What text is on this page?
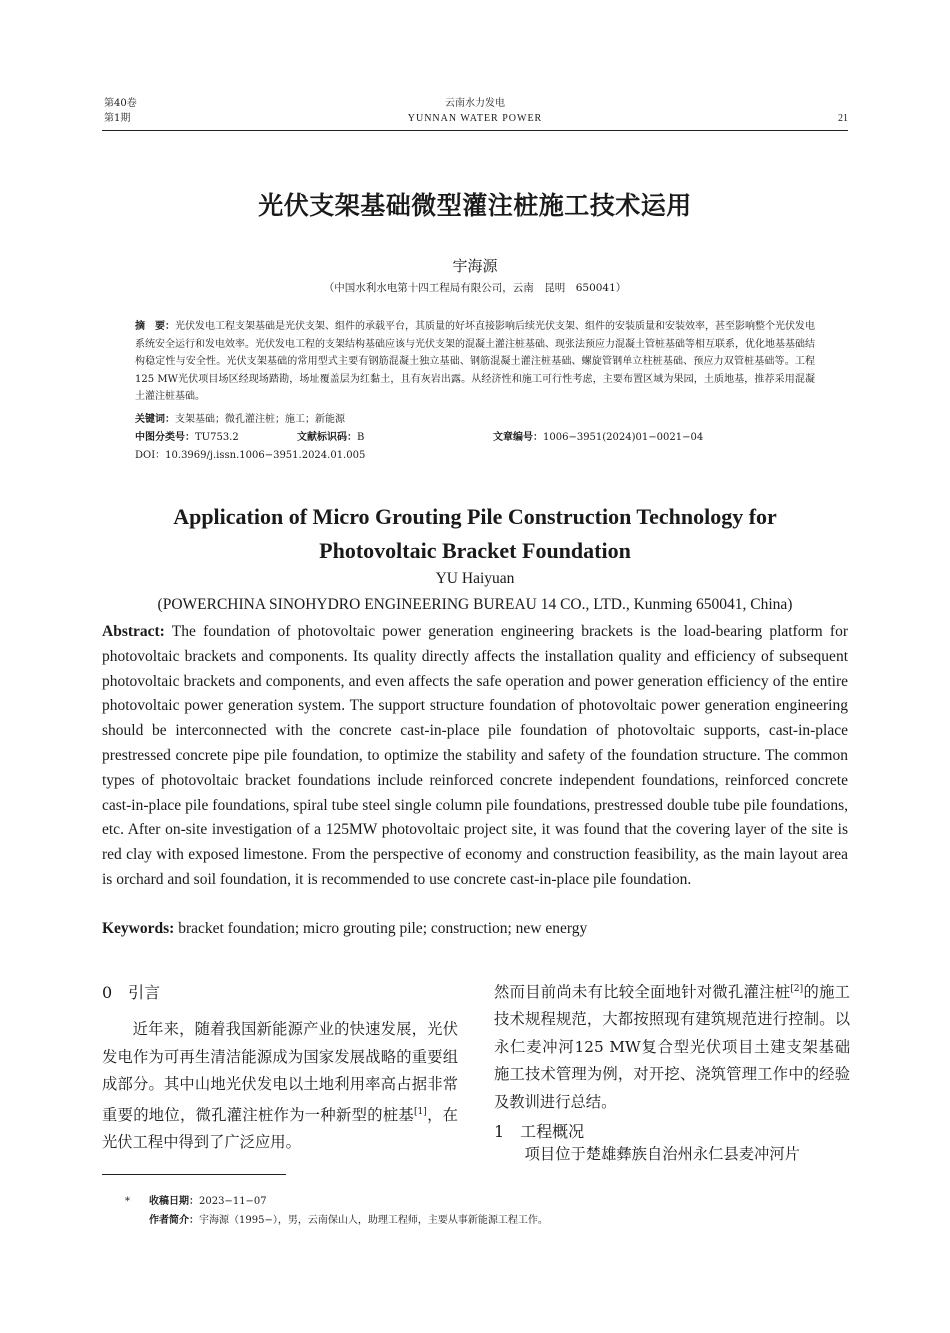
第40卷
第1期
云南水力发电
YUNNAN WATER POWER	21
光伏支架基础微型灌注桩施工技术运用
宇海源
（中国水利水电第十四工程局有限公司，云南　昆明　650041）
摘　要：光伏发电工程支架基础是光伏支架、组件的承载平台，其质量的好坏直接影响后续光伏支架、组件的安装质量和安装效率，甚至影响整个光伏发电系统安全运行和发电效率。光伏发电工程的支架结构基础应该与光伏支架的混凝土灌注桩基础、现张法预应力混凝土管桩基础等相互联系，优化地基基础结构稳定性与安全性。光伏支架基础的常用型式主要有钢筋混凝土独立基础、钢筋混凝土灌注桩基础、螺旋管钢单立柱桩基础、预应力双管桩基础等。工程125 MW光伏项目场区经现场踏勘，场址覆盖层为红黏土，且有灰岩出露。从经济性和施工可行性考虑，主要布置区域为果园，土质地基，推荐采用混凝土灌注桩基础。
关键词：支架基础；微孔灌注桩；施工；新能源
中图分类号：TU753.2	文献标识码：B	文章编号：1006−3951(2024)01−0021−04
DOI：10.3969/j.issn.1006−3951.2024.01.005
Application of Micro Grouting Pile Construction Technology for
Photovoltaic Bracket Foundation
YU Haiyuan
(POWERCHINA SINOHYDRO ENGINEERING BUREAU 14 CO., LTD., Kunming 650041, China)
Abstract: The foundation of photovoltaic power generation engineering brackets is the load-bearing platform for photovoltaic brackets and components. Its quality directly affects the installation quality and efficiency of subsequent photovoltaic brackets and components, and even affects the safe operation and power generation efficiency of the entire photovoltaic power generation system. The support structure foundation of photovoltaic power generation engineering should be interconnected with the concrete cast-in-place pile foundation of photovoltaic supports, cast-in-place prestressed concrete pipe pile foundation, to optimize the stability and safety of the foundation structure. The common types of photovoltaic bracket foundations include reinforced concrete independent foundations, reinforced concrete cast-in-place pile foundations, spiral tube steel single column pile foundations, prestressed double tube pile foundations, etc. After on-site investigation of a 125MW photovoltaic project site, it was found that the covering layer of the site is red clay with exposed limestone. From the perspective of economy and construction feasibility, as the main layout area is orchard and soil foundation, it is recommended to use concrete cast-in-place pile foundation.
Keywords: bracket foundation; micro grouting pile; construction; new energy
0　引言

近年来，随着我国新能源产业的快速发展，光伏发电作为可再生清洁能源成为国家发展战略的重要组成部分。其中山地光伏发电以土地利用率高占据非常重要的地位，微孔灌注桩作为一种新型的桩基[1]，在光伏工程中得到了广泛应用。

然而目前尚未有比较全面地针对微孔灌注桩[2]的施工技术规程规范，大都按照现有建筑规范进行控制。以永仁麦冲河125 MW复合型光伏项目土建支架基础施工技术管理为例，对开挖、浇筑管理工作中的经验及教训进行总结。

1　工程概况

项目位于楚雄彝族自治州永仁县麦冲河片

* 收稿日期：2023−11−07
作者简介：宇海源（1995−），男，云南保山人，助理工程师，主要从事新能源工程工作。
